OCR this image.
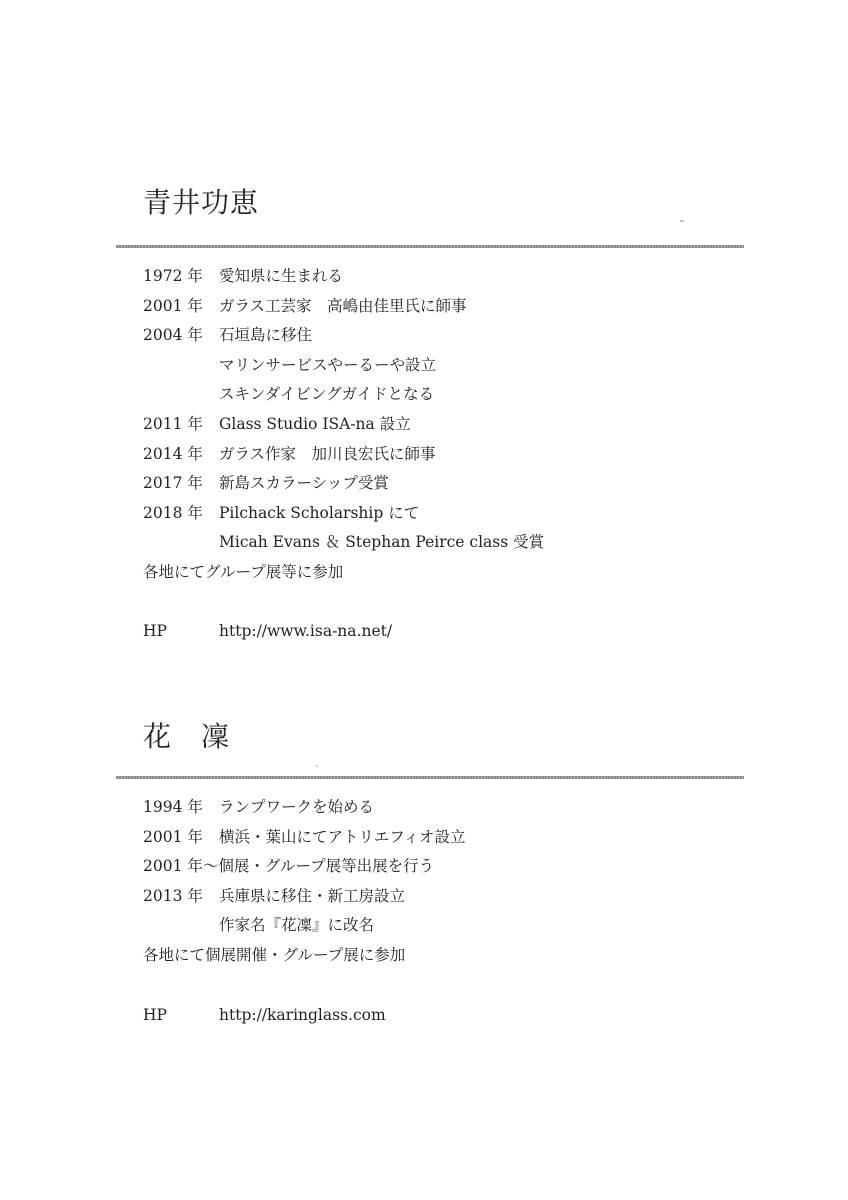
青井功恵
1972 年 愛知県に生まれる
2001 年 ガラス工芸家　高嶋由佳里氏に師事
2004 年 石垣島に移住
マリンサービスやーるーや設立
スキンダイビングガイドとなる
2011 年 Glass Studio ISA-na 設立
2014 年 ガラス作家　加川良宏氏に師事
2017 年 新島スカラーシップ受賞
2018 年 Pilchack Scholarship にて
Micah Evans ＆ Stephan Peirce class 受賞
各地にてグループ展等に参加
HP	http://www.isa-na.net/
花　凜
1994 年 ランプワークを始める
2001 年 横浜・葉山にてアトリエフィオ設立
2001 年〜個展・グループ展等出展を行う
2013 年 兵庫県に移住・新工房設立
作家名『花凜』に改名
各地にて個展開催・グループ展に参加
HP	http://karinglass.com
